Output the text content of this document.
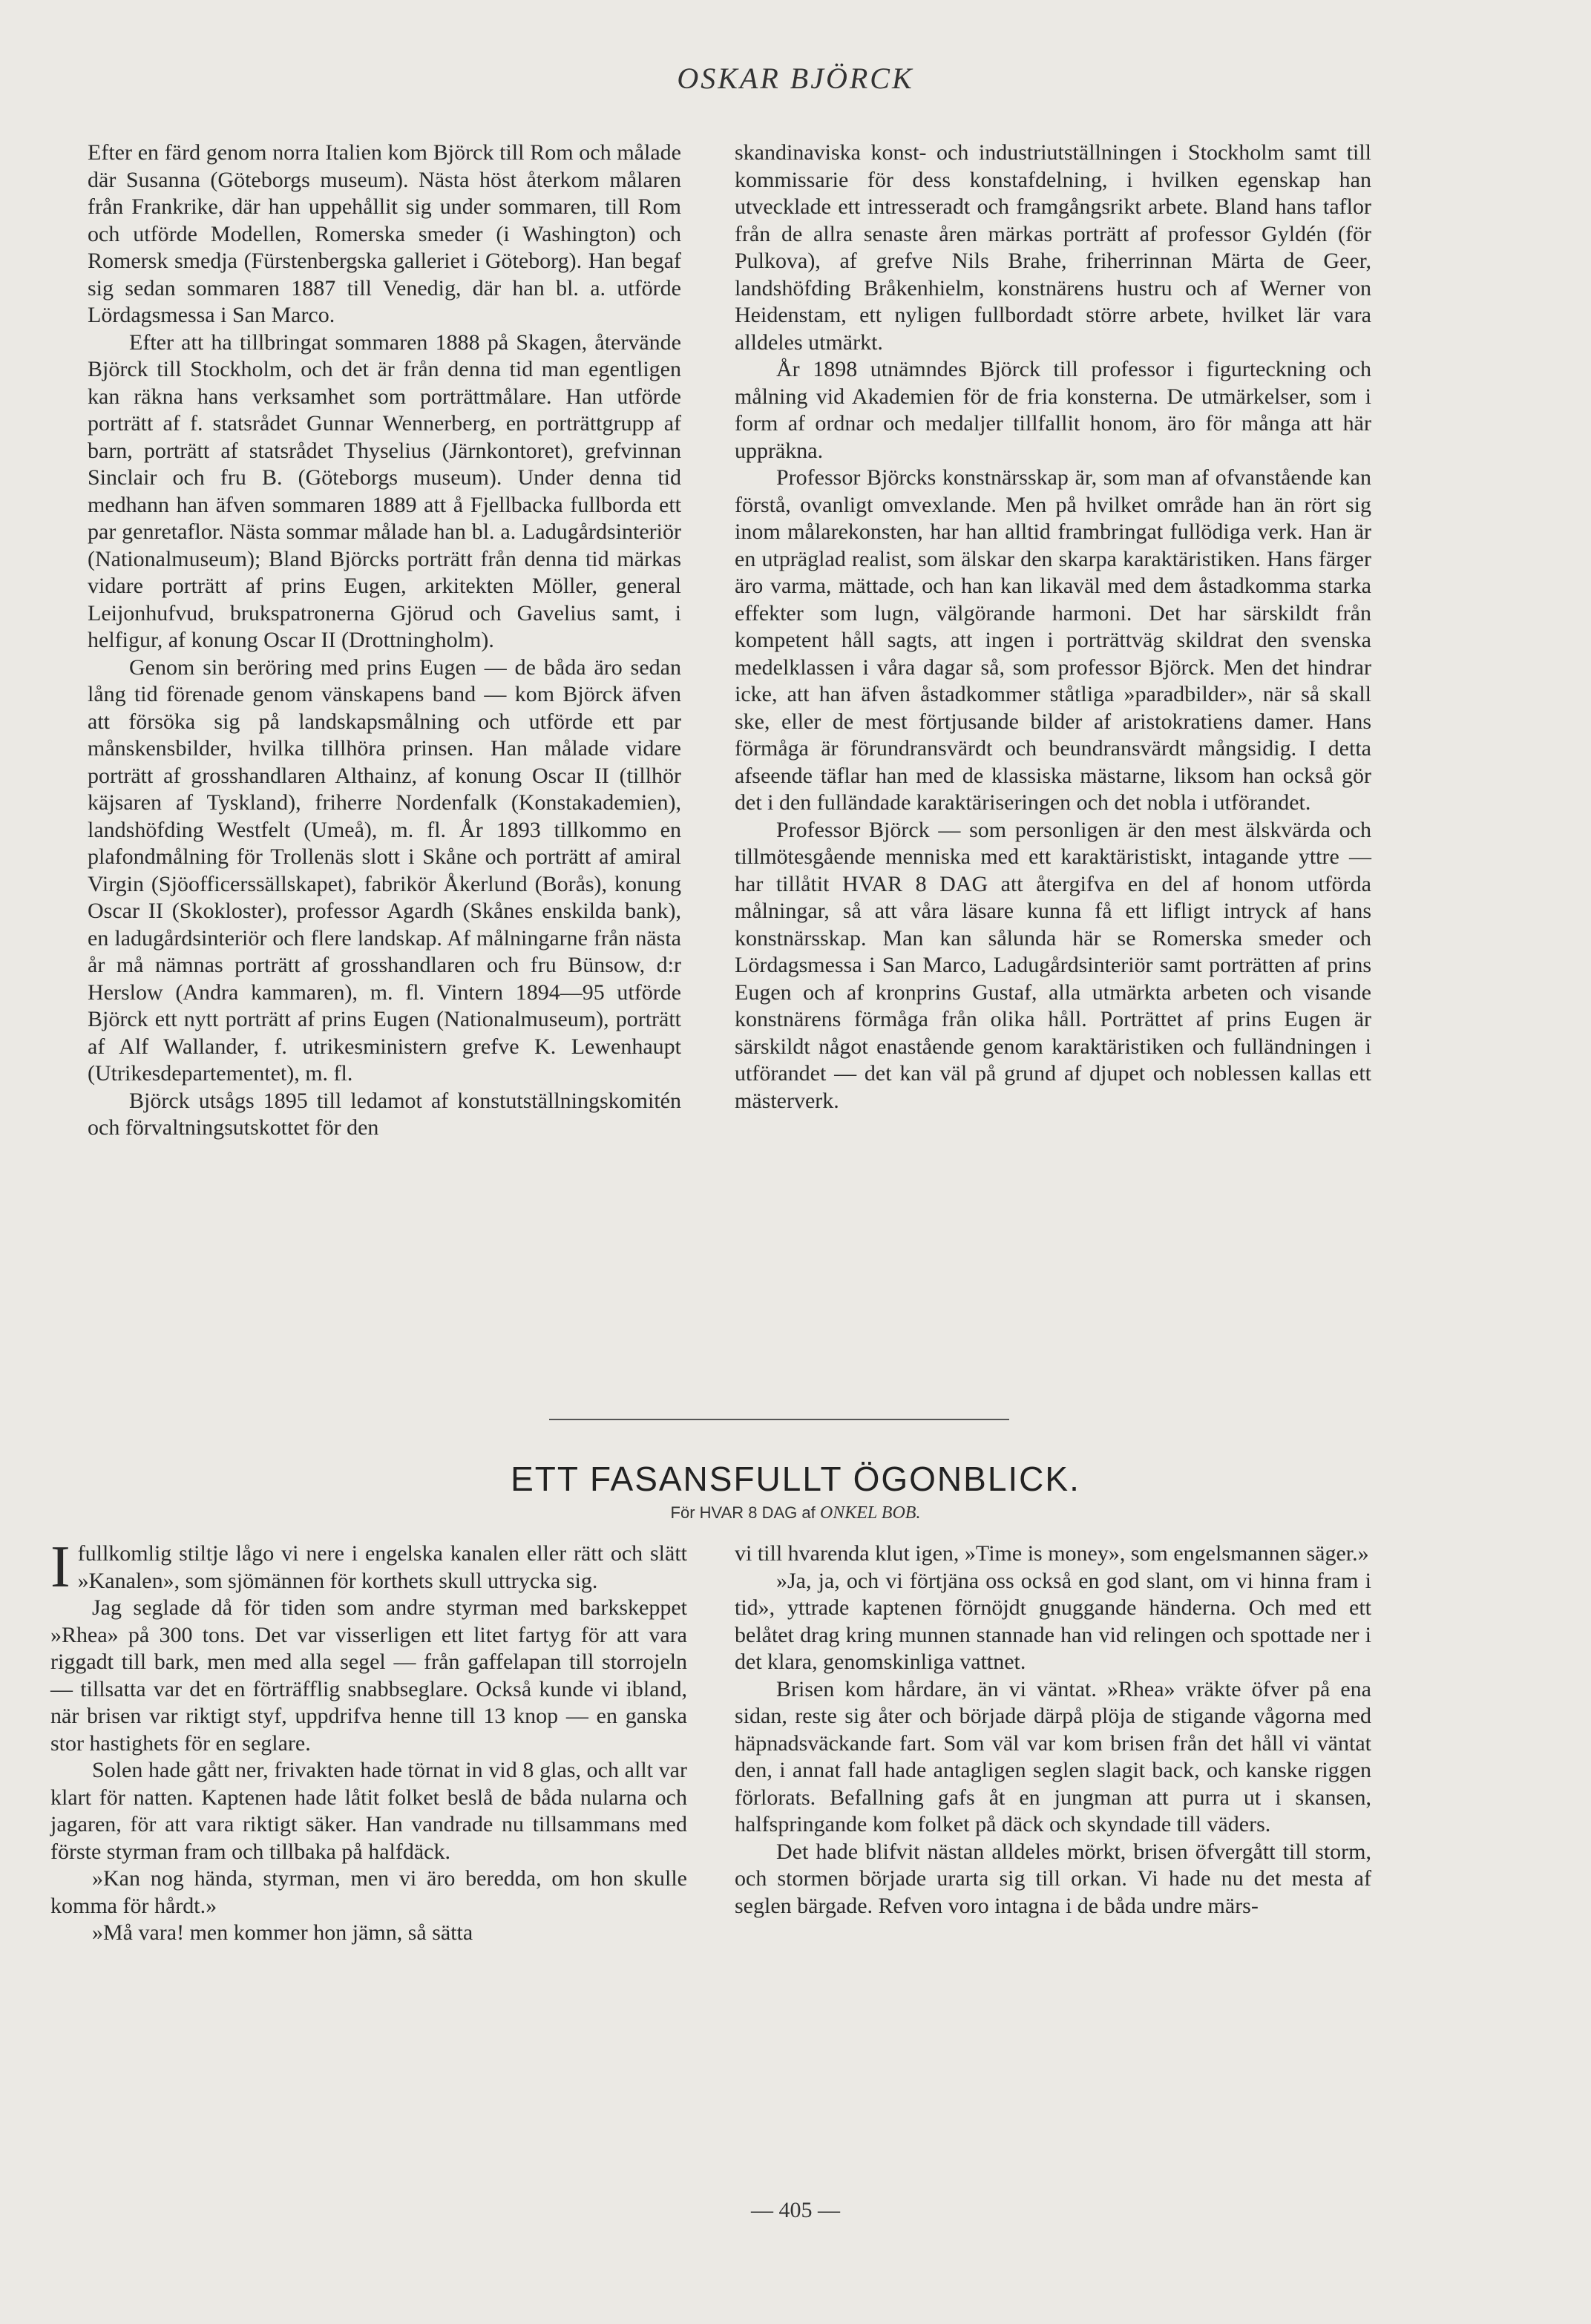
OSKAR BJÖRCK

Efter en färd genom norra Italien kom Björck till Rom och målade där Susanna (Göteborgs museum). Nästa höst återkom målaren från Frankrike, där han uppehållit sig under sommaren, till Rom och utförde Modellen, Romerska smeder (i Washington) och Romersk smedja (Fürstenbergska galleriet i Göteborg). Han begaf sig sedan sommaren 1887 till Venedig, där han bl. a. utförde Lördagsmessa i San Marco.

Efter att ha tillbringat sommaren 1888 på Skagen, återvände Björck till Stockholm, och det är från denna tid man egentligen kan räkna hans verksamhet som porträttmålare. Han utförde porträtt af f. statsrådet Gunnar Wennerberg, en porträttgrupp af barn, porträtt af statsrådet Thyselius (Järnkontoret), grefvinnan Sinclair och fru B. (Göteborgs museum). Under denna tid medhann han äfven sommaren 1889 att å Fjellbacka fullborda ett par genretaflor. Nästa sommar målade han bl. a. Ladugårdsinteriör (Nationalmuseum); Bland Björcks porträtt från denna tid märkas vidare porträtt af prins Eugen, arkitekten Möller, general Leijonhufvud, brukspatronerna Gjörud och Gavelius samt, i helfigur, af konung Oscar II (Drottningholm).

Genom sin beröring med prins Eugen — de båda äro sedan lång tid förenade genom vänskapens band — kom Björck äfven att försöka sig på landskapsmålning och utförde ett par månskensbilder, hvilka tillhöra prinsen. Han målade vidare porträtt af grosshandlaren Althainz, af konung Oscar II (tillhör käjsaren af Tyskland), friherre Nordenfalk (Konstakademien), landshöfding Westfelt (Umeå), m. fl. År 1893 tillkommo en plafondmålning för Trollenäs slott i Skåne och porträtt af amiral Virgin (Sjöofficerssällskapet), fabrikör Åkerlund (Borås), konung Oscar II (Skokloster), professor Agardh (Skånes enskilda bank), en ladugårdsinteriör och flere landskap. Af målningarne från nästa år må nämnas porträtt af grosshandlaren och fru Bünsow, d:r Herslow (Andra kammaren), m. fl. Vintern 1894—95 utförde Björck ett nytt porträtt af prins Eugen (Nationalmuseum), porträtt af Alf Wallander, f. utrikesministern grefve K. Lewenhaupt (Utrikesdepartementet), m. fl.

Björck utsågs 1895 till ledamot af konstutställningskomitén och förvaltningsutskottet för den

skandinaviska konst- och industriutställningen i Stockholm samt till kommissarie för dess konstafdelning, i hvilken egenskap han utvecklade ett intresseradt och framgångsrikt arbete. Bland hans taflor från de allra senaste åren märkas porträtt af professor Gyldén (för Pulkova), af grefve Nils Brahe, friherrinnan Märta de Geer, landshöfding Bråkenhielm, konstnärens hustru och af Werner von Heidenstam, ett nyligen fullbordadt större arbete, hvilket lär vara alldeles utmärkt.

År 1898 utnämndes Björck till professor i figurteckning och målning vid Akademien för de fria konsterna. De utmärkelser, som i form af ordnar och medaljer tillfallit honom, äro för många att här uppräkna.

Professor Björcks konstnärsskap är, som man af ofvanstående kan förstå, ovanligt omvexlande. Men på hvilket område han än rört sig inom målarekonsten, har han alltid frambringat fullödiga verk. Han är en utpräglad realist, som älskar den skarpa karaktäristiken. Hans färger äro varma, mättade, och han kan likaväl med dem åstadkomma starka effekter som lugn, välgörande harmoni. Det har särskildt från kompetent håll sagts, att ingen i porträttväg skildrat den svenska medelklassen i våra dagar så, som professor Björck. Men det hindrar icke, att han äfven åstadkommer ståtliga »paradbilder», när så skall ske, eller de mest förtjusande bilder af aristokratiens damer. Hans förmåga är förundransvärdt och beundransvärdt mångsidig. I detta afseende täflar han med de klassiska mästarne, liksom han också gör det i den fulländade karaktäriseringen och det nobla i utförandet.

Professor Björck — som personligen är den mest älskvärda och tillmötesgående menniska med ett karaktäristiskt, intagande yttre — har tillåtit HVAR 8 DAG att återgifva en del af honom utförda målningar, så att våra läsare kunna få ett lifligt intryck af hans konstnärsskap. Man kan sålunda här se Romerska smeder och Lördagsmessa i San Marco, Ladugårdsinteriör samt porträtten af prins Eugen och af kronprins Gustaf, alla utmärkta arbeten och visande konstnärens förmåga från olika håll. Porträttet af prins Eugen är särskildt något enastående genom karaktäristiken och fulländningen i utförandet — det kan väl på grund af djupet och noblessen kallas ett mästerverk.

ETT FASANSFULLT ÖGONBLICK.
För HVAR 8 DAG af ONKEL BOB.

Ifullkomlig stiltje lågo vi nere i engelska kanalen eller rätt och slätt »Kanalen», som sjömännen för korthets skull uttrycka sig.

Jag seglade då för tiden som andre styrman med barkskeppet »Rhea» på 300 tons. Det var visserligen ett litet fartyg för att vara riggadt till bark, men med alla segel — från gaffelapan till storrojeln — tillsatta var det en förträfflig snabbseglare. Också kunde vi ibland, när brisen var riktigt styf, uppdrifva henne till 13 knop — en ganska stor hastighets för en seglare.

Solen hade gått ner, frivakten hade törnat in vid 8 glas, och allt var klart för natten. Kaptenen hade låtit folket beslå de båda nularna och jagaren, för att vara riktigt säker. Han vandrade nu tillsammans med förste styrman fram och tillbaka på halfdäck.

»Kan nog hända, styrman, men vi äro beredda, om hon skulle komma för hårdt.»

»Må vara! men kommer hon jämn, så sätta

vi till hvarenda klut igen, »Time is money», som engelsmannen säger.»

»Ja, ja, och vi förtjäna oss också en god slant, om vi hinna fram i tid», yttrade kaptenen förnöjdt gnuggande händerna. Och med ett belåtet drag kring munnen stannade han vid relingen och spottade ner i det klara, genomskinliga vattnet.

Brisen kom hårdare, än vi väntat. »Rhea» vräkte öfver på ena sidan, reste sig åter och började därpå plöja de stigande vågorna med häpnadsväckande fart. Som väl var kom brisen från det håll vi väntat den, i annat fall hade antagligen seglen slagit back, och kanske riggen förlorats. Befallning gafs åt en jungman att purra ut i skansen, halfspringande kom folket på däck och skyndade till väders.

Det hade blifvit nästan alldeles mörkt, brisen öfvergått till storm, och stormen började urarta sig till orkan. Vi hade nu det mesta af seglen bärgade. Refven voro intagna i de båda undre märs-

— 405 —
